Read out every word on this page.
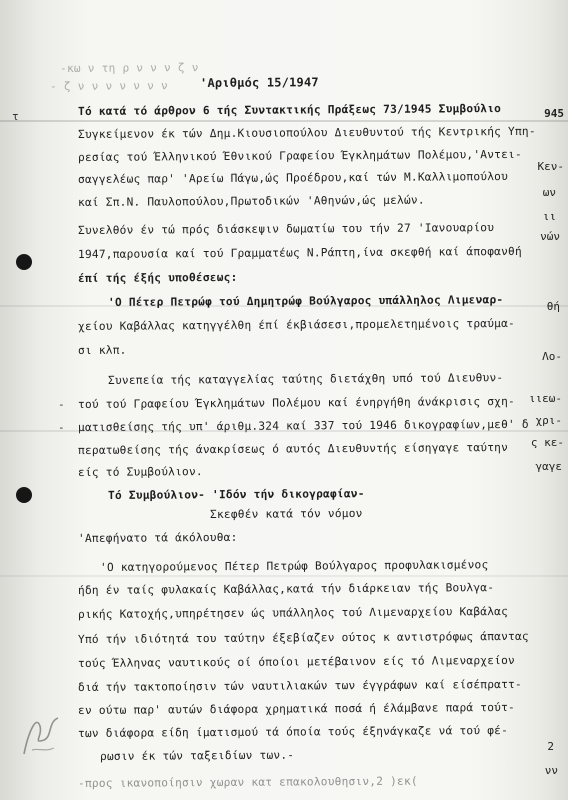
-κω ν τη ρ ν ν ν ζ ν
- ζ ν ν ν ν ν ν ν	'Αριθμός 15/1947
Τό κατά τό άρθρον 6 τής Συντακτικής Πράξεως 73/1945 Συμβούλιο
Συγκείμενον έκ τών Δημ.Κιουσιοπούλου Διευθυντού τής Κεντρικής Υπη-
ρεσίας τού Έλληνικού Έθνικού Γραφείου Έγκλημάτων Πολέμου,'Αντει-
σαγγελέως παρ' 'Αρείω Πάγω,ώς Προέδρου,καί τών Μ.Καλλιμοπούλου
καί Σπ.Ν. Παυλοπούλου,Πρωτοδικών 'Αθηνών,ώς μελών.
Συνελθόν έν τώ πρός διάσκεψιν δωματίω του τήν 27 'Ιανουαρίου
1947,παρουσία καί τού Γραμματέως Ν.Ράπτη,ίνα σκεφθή καί άποφανθή
έπί τής έξής υποθέσεως:
'Ο Πέτερ Πετρώφ τού Δημητρώφ Βούλγαρος υπάλληλος Λιμεναρ-
χείου Καβάλλας κατηγγέλθη έπί έκβιάσεσι,προμελετημένοις τραύμα-
σι κλπ.
Συνεπεία τής καταγγελίας ταύτης διετάχθη υπό τού Διευθυν-
τού τού Γραφείου Έγκλημάτων Πολέμου καί ένηργήθη άνάκρισις σχη-
ματισθείσης τής υπ' άριθμ.324 καί 337 τού 1946 δικογραφίων,μεθ' δ
περατωθείσης τής άνακρίσεως ό αυτός Διευθυντής είσηγαγε ταύτην
είς τό Συμβούλιον.
Τό Συμβούλιον- 'Ιδόν τήν δικογραφίαν-
Σκεφθέν κατά τόν νόμον
'Απεφήνατο τά άκόλουθα:
'Ο κατηγορούμενος Πέτερ Πετρώφ Βούλγαρος προφυλακισμένος
ήδη έν ταίς φυλακαίς Καβάλλας,κατά τήν διάρκειαν τής Βουλγα-
ρικής Κατοχής,υπηρέτησεν ώς υπάλληλος τού Λιμεναρχείου Καβάλας
Υπό τήν ιδιότητά του ταύτην έξεβίαζεν ούτος κ αντιστρόφως άπαντας
τούς Έλληνας ναυτικούς οί όποίοι μετέβαινον είς τό Λιμεναρχείον
διά τήν τακτοποίησιν τών ναυτιλιακών των έγγράφων καί είσέπραττ-
εν ούτω παρ' αυτών διάφορα χρηματικά ποσά ή έλάμβανε παρά τούτ-
των διάφορα είδη ίματισμού τά όποία τούς έξηνάγκαζε νά τού φέ-
ρωσιν έκ τών ταξειδίων των.-
-προς ικανοποίησιν χωραν κατ επακολουθησιν,2 )εκ(
945
Κεν-
ων
ιι
νών
θή
Λο-
ιιεω-
χρι-
ς κε-
γαγε
2
νν
τ
-
-
